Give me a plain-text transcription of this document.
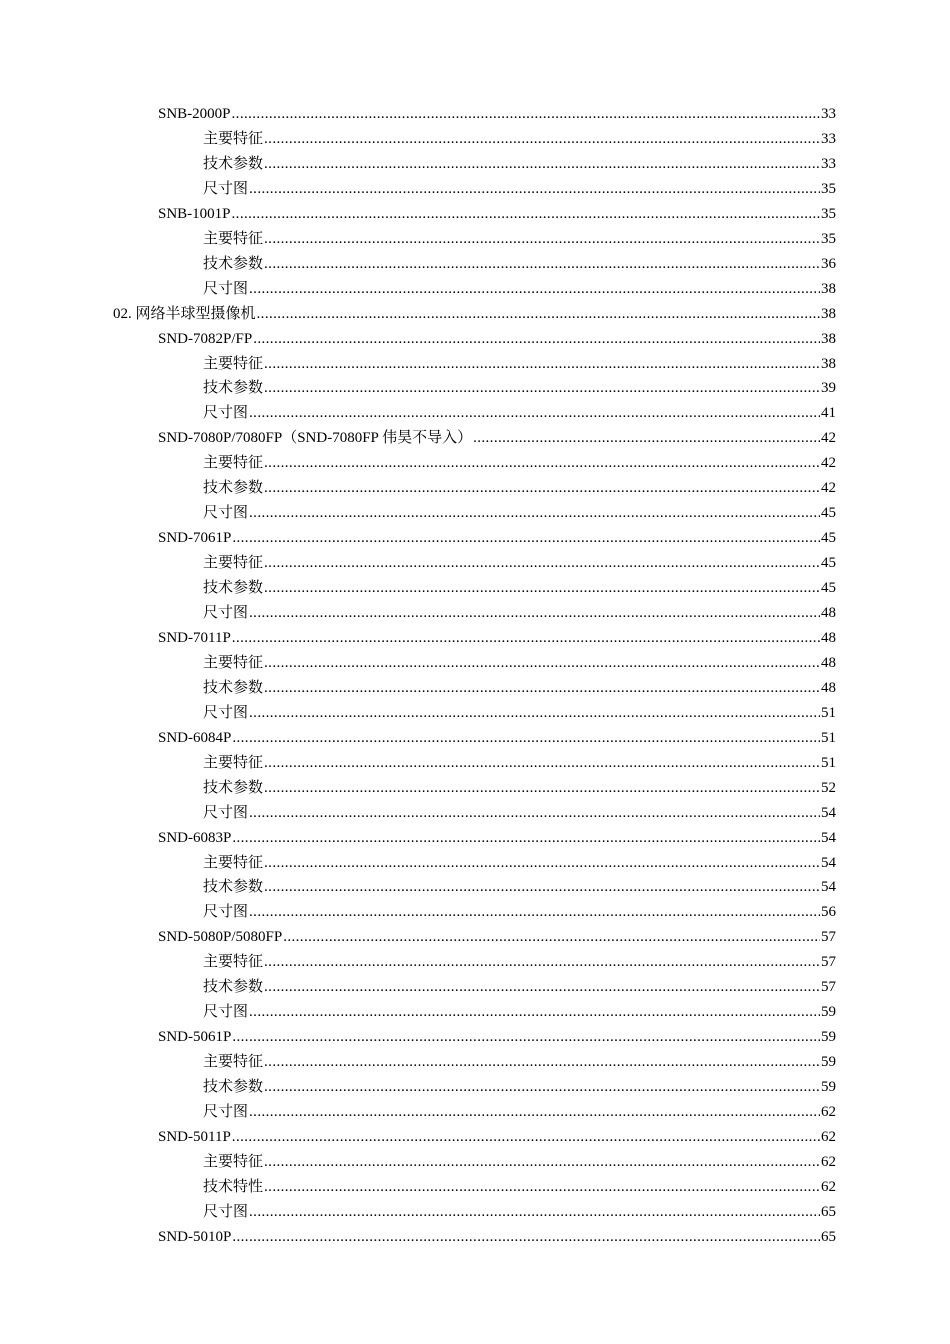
SNB-2000P .....	33
主要特征 .....	33
技术参数 .....	33
尺寸图 .....	35
SNB-1001P .....	35
主要特征 .....	35
技术参数 .....	36
尺寸图 .....	38
02. 网络半球型摄像机 .....	38
SND-7082P/FP .....	38
主要特征 .....	38
技术参数 .....	39
尺寸图 .....	41
SND-7080P/7080FP（SND-7080FP 伟昊不导入） .....	42
主要特征 .....	42
技术参数 .....	42
尺寸图 .....	45
SND-7061P .....	45
主要特征 .....	45
技术参数 .....	45
尺寸图 .....	48
SND-7011P .....	48
主要特征 .....	48
技术参数 .....	48
尺寸图 .....	51
SND-6084P .....	51
主要特征 .....	51
技术参数 .....	52
尺寸图 .....	54
SND-6083P .....	54
主要特征 .....	54
技术参数 .....	54
尺寸图 .....	56
SND-5080P/5080FP .....	57
主要特征 .....	57
技术参数 .....	57
尺寸图 .....	59
SND-5061P .....	59
主要特征 .....	59
技术参数 .....	59
尺寸图 .....	62
SND-5011P .....	62
主要特征 .....	62
技术特性 .....	62
尺寸图 .....	65
SND-5010P .....	65
